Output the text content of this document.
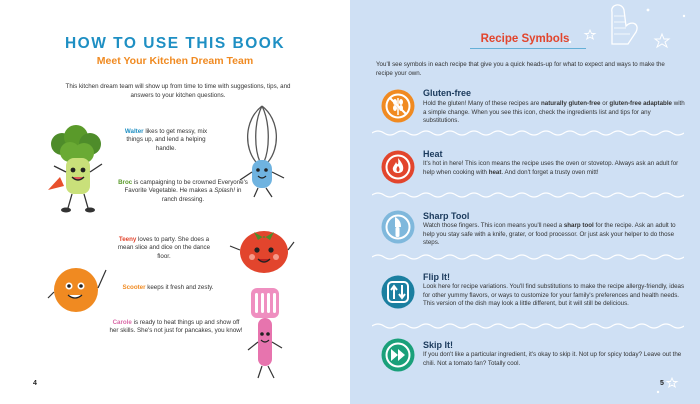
HOW TO USE THIS BOOK
Meet Your Kitchen Dream Team
This kitchen dream team will show up from time to time with suggestions, tips, and answers to your kitchen questions.
Walter likes to get messy, mix things up, and lend a helping handle.
Broc is campaigning to be crowned Everyone's Favorite Vegetable. He makes a Splash! in ranch dressing.
Teeny loves to party. She does a mean slice and dice on the dance floor.
Scooter keeps it fresh and zesty.
Carole is ready to heat things up and show off her skills. She's not just for pancakes, you know!
4
Recipe Symbols
You'll see symbols in each recipe that give you a quick heads-up for what to expect and ways to make the recipe your own.
Gluten-free
Hold the gluten! Many of these recipes are naturally gluten-free or gluten-free adaptable with a simple change. When you see this icon, check the ingredients list and tips for any substitutions.
Heat
It's hot in here! This icon means the recipe uses the oven or stovetop. Always ask an adult for help when cooking with heat. And don't forget a trusty oven mitt!
Sharp Tool
Watch those fingers. This icon means you'll need a sharp tool for the recipe. Ask an adult to help you stay safe with a knife, grater, or food processor. Or just ask your helper to do those steps.
Flip It!
Look here for recipe variations. You'll find substitutions to make the recipe allergy-friendly, ideas for other yummy flavors, or ways to customize for your family's preferences and health needs. This version of the dish may look a little different, but it will still be delicious.
Skip It!
If you don't like a particular ingredient, it's okay to skip it. Not up for spicy today? Leave out the chili. Not a tomato fan? Totally cool.
5
